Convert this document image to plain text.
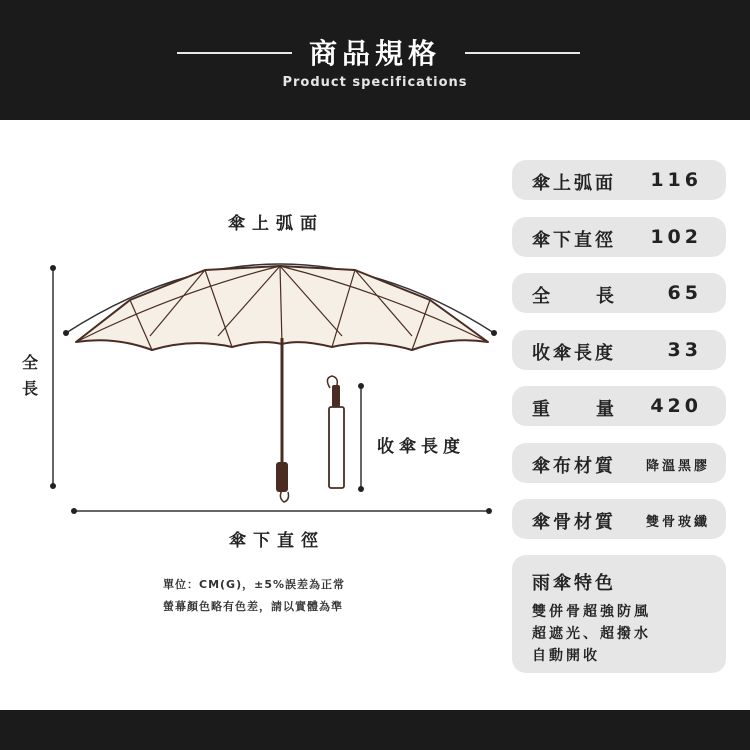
商品規格
Product specifications
傘上弧面
全
長
收傘長度
傘下直徑
單位：CM(G)，±5%誤差為正常
螢幕顏色略有色差，請以實體為準
傘上弧面 116
傘下直徑 102
全長 65
收傘長度	33
重量
420
傘布材質 降溫黑膠
傘骨材質 雙骨玻纖
雨傘特色
雙併骨超強防風
超遮光、超撥水
自動開收
